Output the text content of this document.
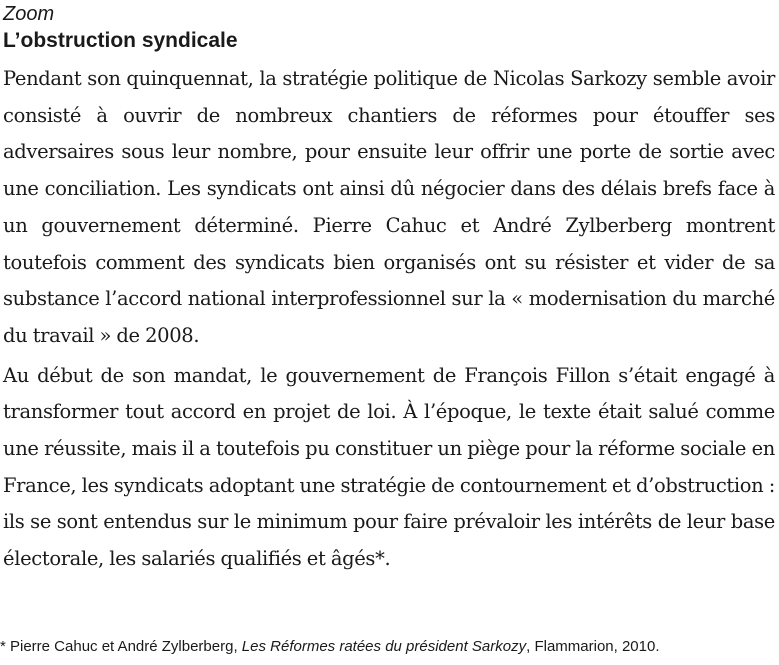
Zoom

L’obstruction syndicale

Pendant son quinquennat, la stratégie politique de Nicolas Sarkozy semble avoir consisté à ouvrir de nombreux chantiers de réformes pour étouffer ses adversaires sous leur nombre, pour ensuite leur offrir une porte de sortie avec une conciliation. Les syndicats ont ainsi dû négocier dans des délais brefs face à un gouvernement déterminé. Pierre Cahuc et André Zylberberg montrent toutefois comment des syndicats bien organisés ont su résister et vider de sa substance l’accord national interprofessionnel sur la « modernisation du marché du travail » de 2008.

Au début de son mandat, le gouvernement de François Fillon s’était engagé à transformer tout accord en projet de loi. À l’époque, le texte était salué comme une réussite, mais il a toutefois pu constituer un piège pour la réforme sociale en France, les syndicats adoptant une stratégie de contournement et d’obstruction : ils se sont entendus sur le minimum pour faire prévaloir les intérêts de leur base électorale, les salariés qualifiés et âgés*.

* Pierre Cahuc et André Zylberberg, Les Réformes ratées du président Sarkozy, Flammarion, 2010.
